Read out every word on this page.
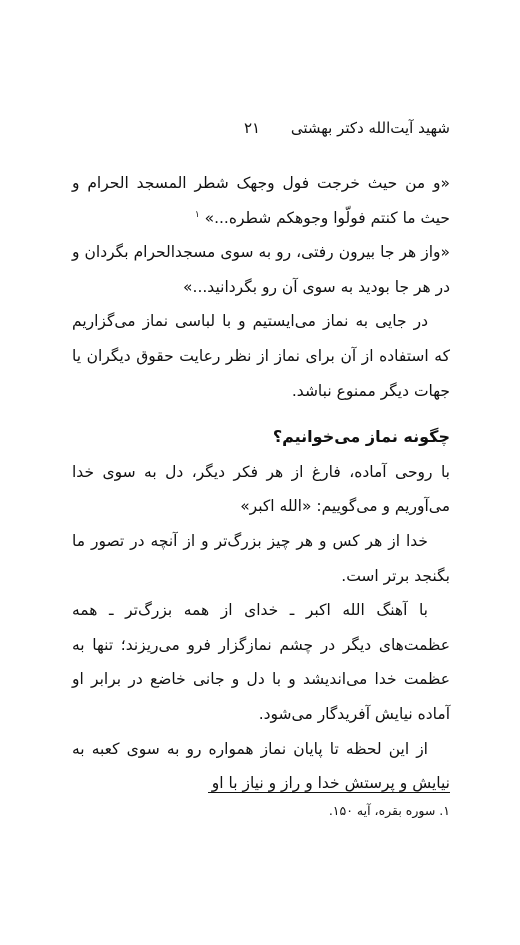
شهید آیت‌الله دکتر بهشتی ۲۱

«و من حیث خرجت فول وجهک شطر المسجد الحرام و حیث ما کنتم فولّوا وجوهکم شطره...» $^۱$

«واز هر جا بیرون رفتی، رو به سوی مسجدالحرام بگردان و در هر جا بودید به سوی آن رو بگردانید...»

در جایی به نماز می‌ایستیم و با لباسی نماز می‌گزاریم که استفاده از آن برای نماز از نظر رعایت حقوق دیگران یا جهات دیگر ممنوع نباشد.

چگونه نماز می‌خوانیم؟

با روحی آماده، فارغ از هر فکر دیگر، دل به سوی خدا می‌آوریم و می‌گوییم: «الله اکبر»

خدا از هر کس و هر چیز بزرگ‌تر و از آنچه در تصور ما بگنجد برتر است.

با آهنگ الله اکبر ـ خدای از همه بزرگ‌تر ـ همه عظمت‌های دیگر در چشم نمازگزار فرو می‌ریزند؛ تنها به عظمت خدا می‌اندیشد و با دل و جانی خاضع در برابر او آماده نیایش آفریدگار می‌شود.

از این لحظه تا پایان نماز همواره رو به سوی کعبه به نیایش و پرستش خدا و راز و نیاز با او

۱. سوره بقره، آیه ۱۵۰.
